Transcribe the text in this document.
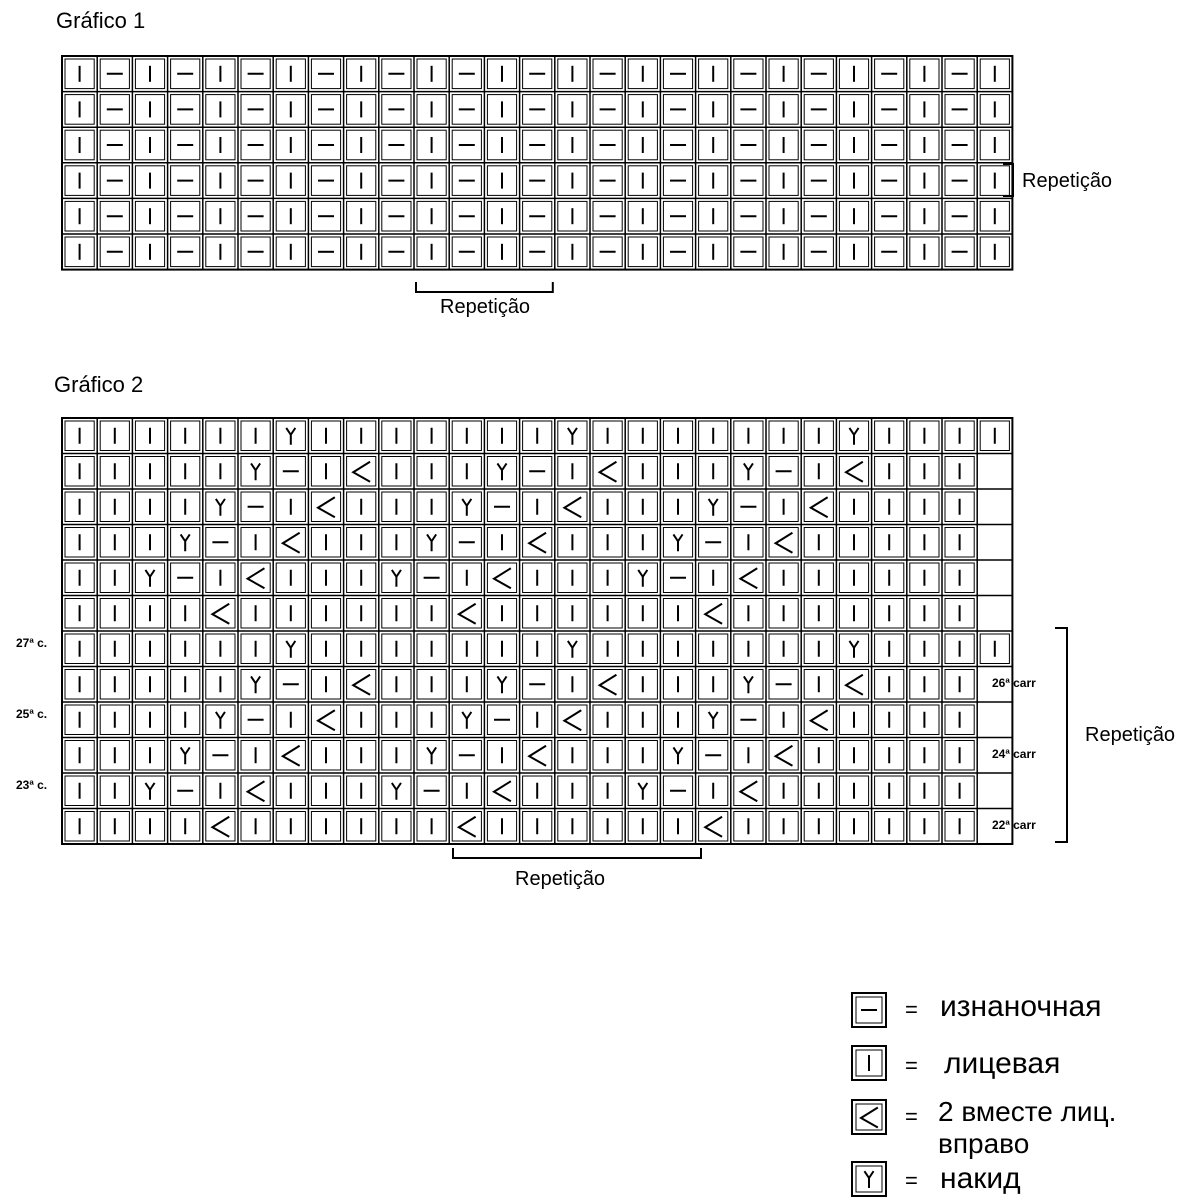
Gráfico 1
Repetição
Repetição
Gráfico 2
27ª c.
25ª c.
23ª c.
26ª carr
24ª carr
22ª carr
Repetição
Repetição
= изнаночная
= лицевая
= 2 вместе лиц.
вправо
= накид
